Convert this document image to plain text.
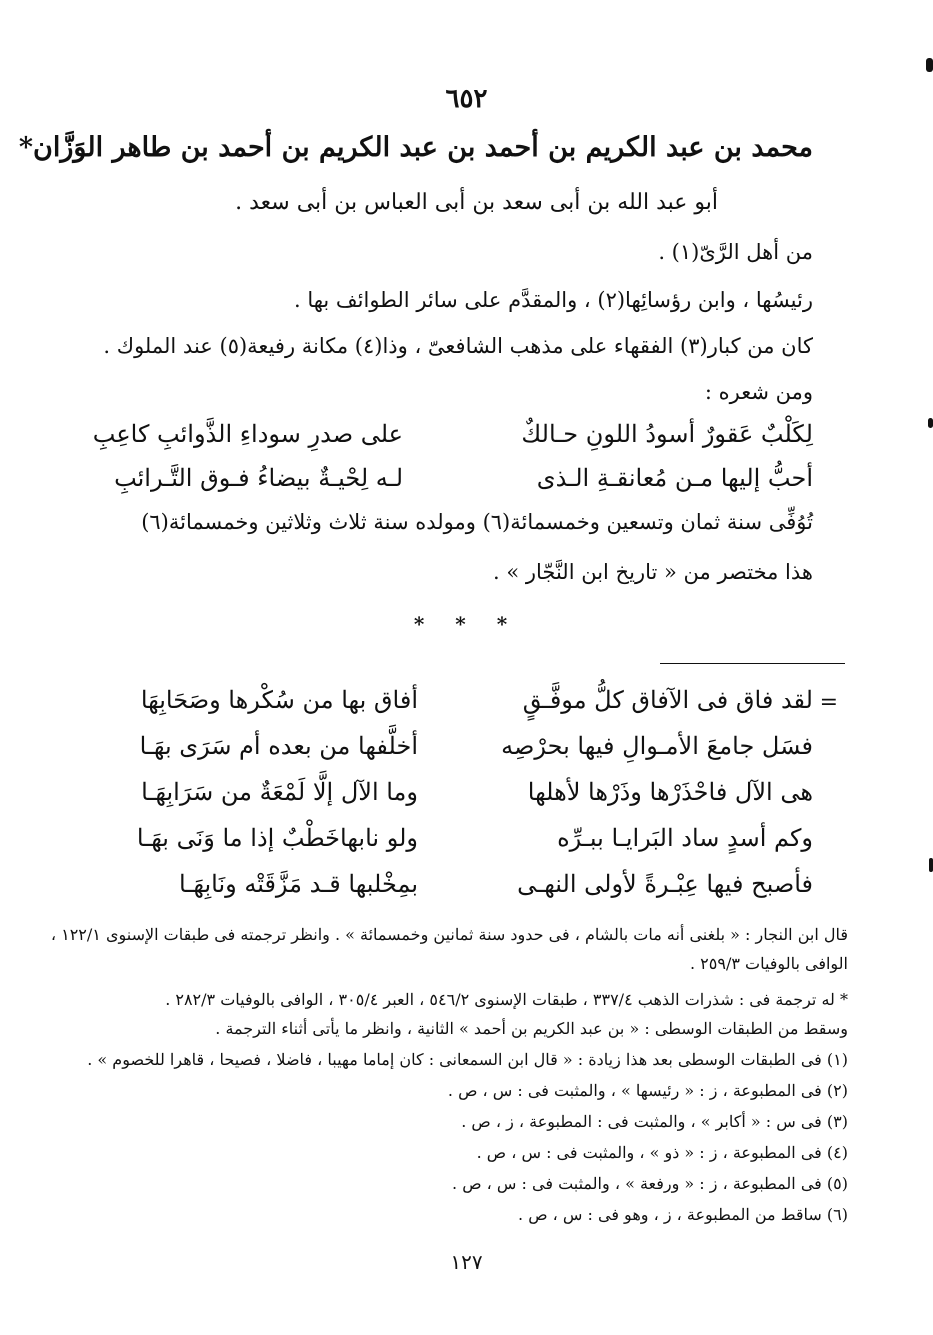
٦٥٢
محمد بن عبد الكريم بن أحمد بن عبد الكريم بن أحمد بن طاهر الوَزَّان*
أبو عبد الله بن أبى سعد بن أبى العباس بن أبى سعد .
من أهل الرَّىّ(١) .
رئيسُها ، وابن رؤسائِها(٢) ، والمقدَّم على سائر الطوائف بها .
كان من كبار(٣) الفقهاء على مذهب الشافعىّ ، وذا(٤) مكانة رفيعة(٥) عند الملوك .
ومن شعره :
لِكَلْبٌ عَقورٌ أسودُ اللونِ حـالكٌ
على صدرِ سوداءِ الذَّوائبِ كاعِبِ
أحبُّ إليها مـن مُعانقـةِ الـذى
لـه لِحْيـةٌ بيضاءُ فـوق التَّـرائبِ
تُوُفِّى سنة ثمان وتسعين وخمسمائة(٦) ومولده سنة ثلاث وثلاثين وخمسمائة(٦)
هذا مختصر من « تاريخ ابن النَّجّار » .
* * *
=
لقد فاق فى الآفاق كلُّ موفَّـقٍ
أفاق بها من سُكْرها وصَحَابِهَا
فسَل جامعَ الأمـوالِ فيها بحرْصِه
أخلَّفها من بعده أم سَرَى بهَـا
هى الآل فاحْذَرْها وذَرْها لأهلها
وما الآل إلَّا لَمْعَةٌ من سَرَابِهَـا
وكم أسدٍ ساد البَرايـا ببـرِّه
ولو نابهاخَطْبٌ إذا ما وَنَى بهَـا
فأصبح فيها عِبْـرةً لأولى النهـى
بمِخْلبها قـد مَزَّقَتْه ونَابِهَـا
قال ابن النجار : « بلغنى أنه مات بالشام ، فى حدود سنة ثمانين وخمسمائة » . وانظر ترجمته فى طبقات الإسنوى ١٢٢/١ ،
الوافى بالوفيات ٢٥٩/٣ .
* له ترجمة فى : شذرات الذهب ٣٣٧/٤ ، طبقات الإسنوى ٥٤٦/٢ ، العبر ٣٠٥/٤ ، الوافى بالوفيات ٢٨٢/٣ .
وسقط من الطبقات الوسطى : « بن عبد الكريم بن أحمد » الثانية ، وانظر ما يأتى أثناء الترجمة .
(١) فى الطبقات الوسطى بعد هذا زيادة : « قال ابن السمعانى : كان إماما مهيبا ، فاضلا ، فصيحا ، قاهرا للخصوم » .
(٢) فى المطبوعة ، ز : « رئيسها » ، والمثبت فى : س ، ص .
(٣) فى س : « أكابر » ، والمثبت فى : المطبوعة ، ز ، ص .
(٤) فى المطبوعة ، ز : « ذو » ، والمثبت فى : س ، ص .
(٥) فى المطبوعة ، ز : « ورفعة » ، والمثبت فى : س ، ص .
(٦) ساقط من المطبوعة ، ز ، وهو فى : س ، ص .
١٢٧
